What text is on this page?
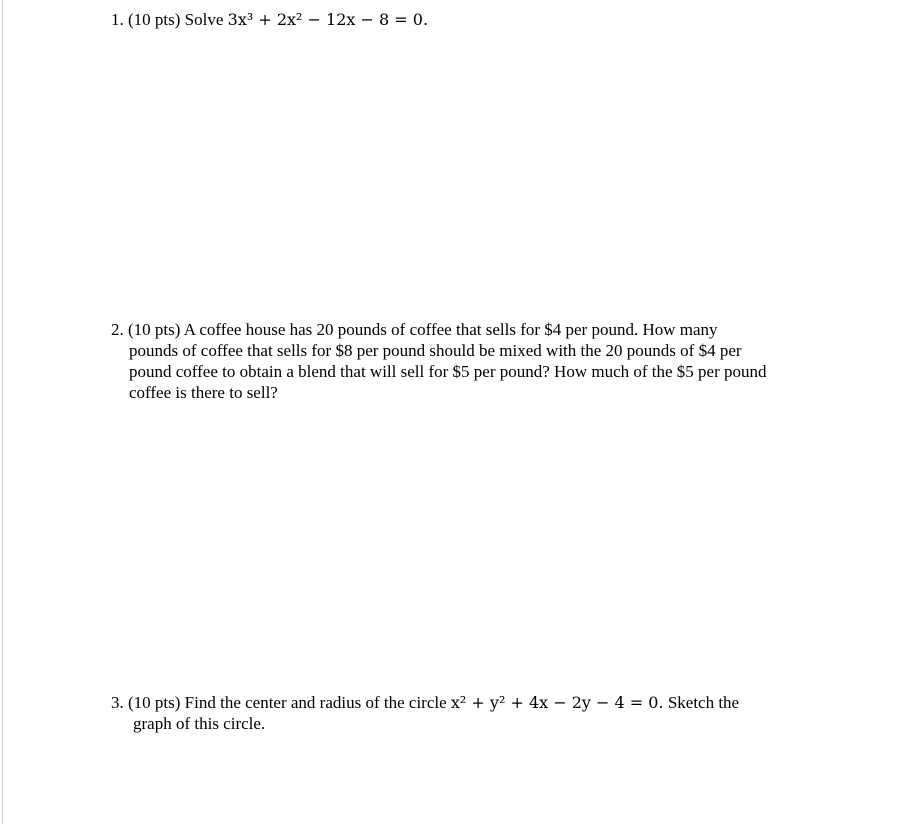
1. (10 pts) Solve 3x³ + 2x² − 12x − 8 = 0.
2. (10 pts) A coffee house has 20 pounds of coffee that sells for $4 per pound. How many
pounds of coffee that sells for $8 per pound should be mixed with the 20 pounds of $4 per
pound coffee to obtain a blend that will sell for $5 per pound? How much of the $5 per pound
coffee is there to sell?
3. (10 pts) Find the center and radius of the circle x² + y² + 4x − 2y − 4 = 0. Sketch the
graph of this circle.
